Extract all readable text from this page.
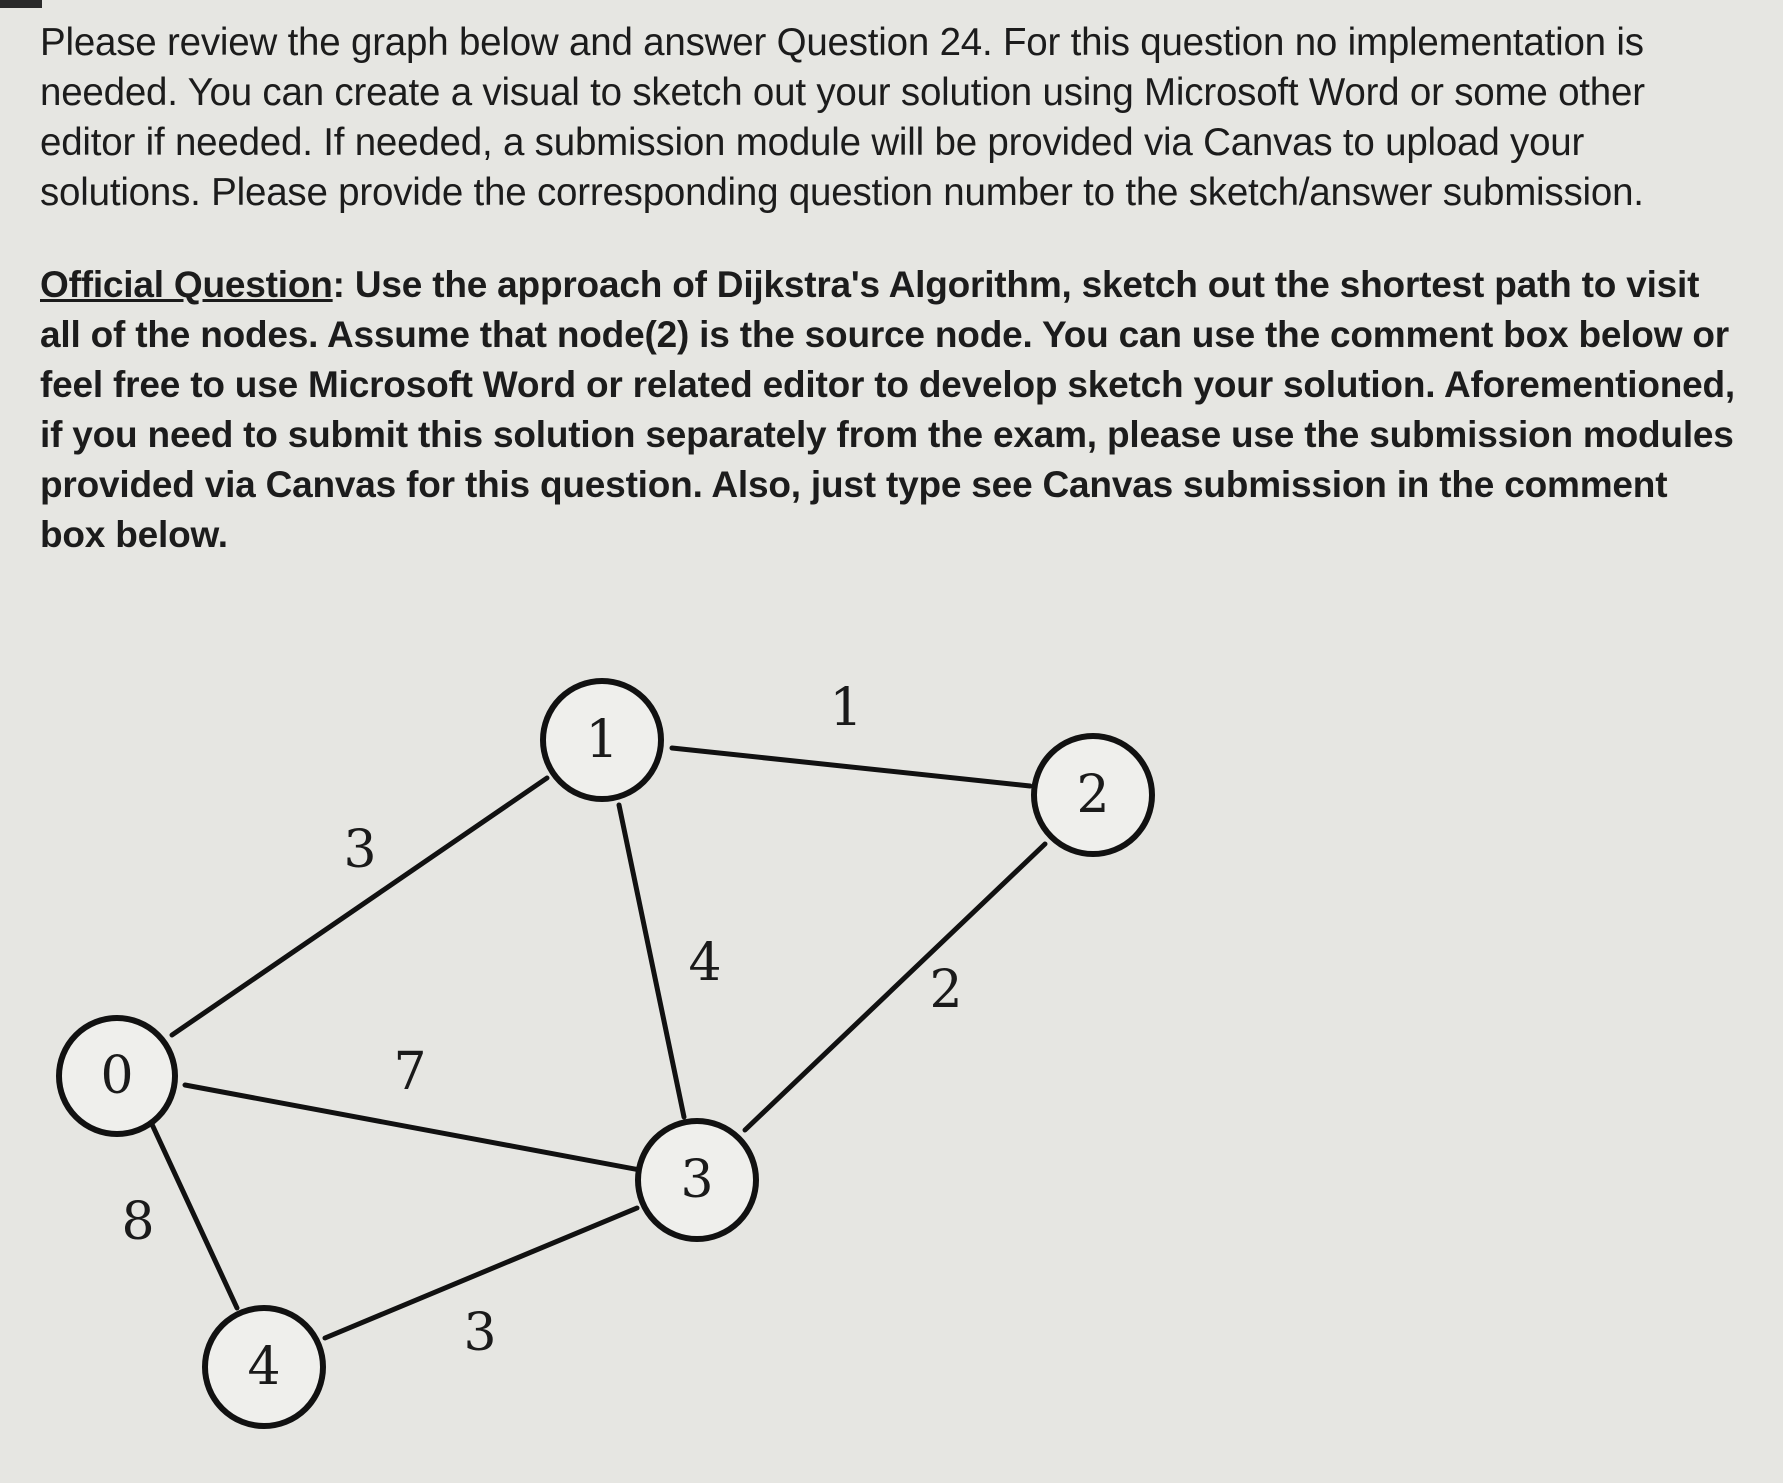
Please review the graph below and answer Question 24. For this question no implementation is needed. You can create a visual to sketch out your solution using Microsoft Word or some other editor if needed. If needed, a submission module will be provided via Canvas to upload your solutions. Please provide the corresponding question number to the sketch/answer submission.

Official Question: Use the approach of Dijkstra's Algorithm, sketch out the shortest path to visit all of the nodes. Assume that node(2) is the source node. You can use the comment box below or feel free to use Microsoft Word or related editor to develop sketch your solution. Aforementioned, if you need to submit this solution separately from the exam, please use the submission modules provided via Canvas for this question. Also, just type see Canvas submission in the comment box below.

3
1
4	2
7
8
3
0
1
2
3
4
